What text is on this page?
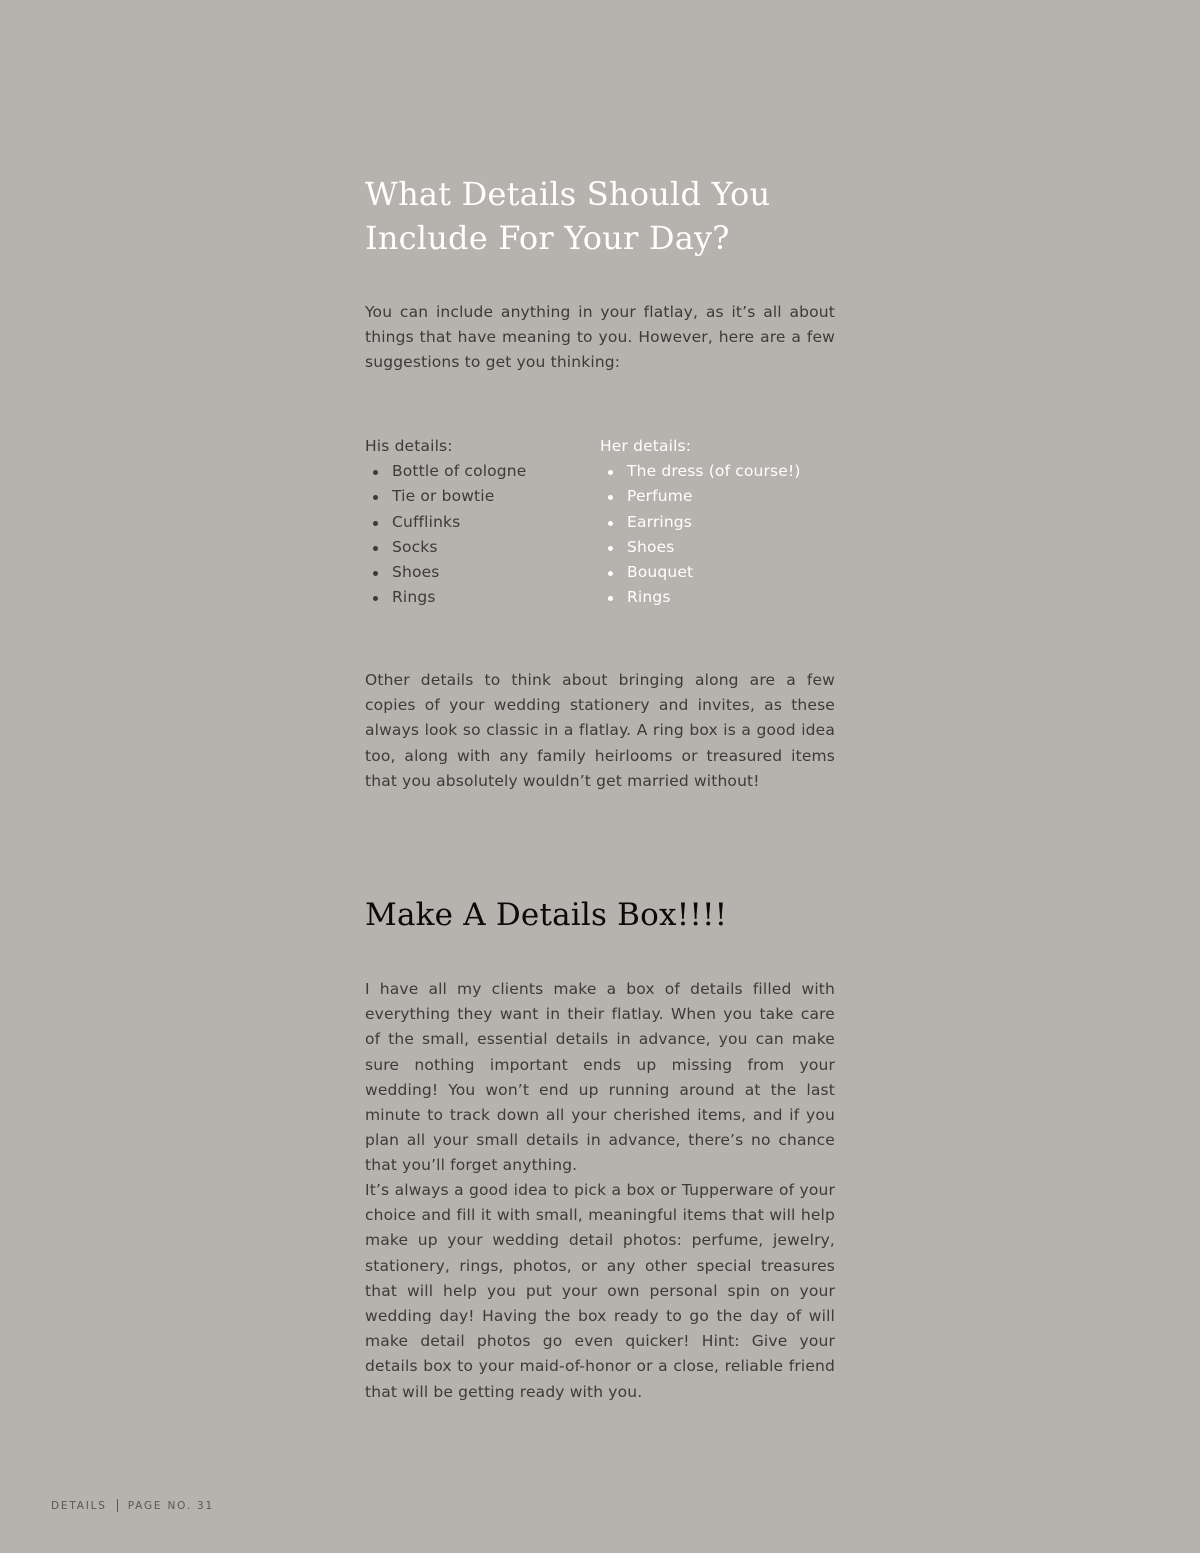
What Details Should You
Include For Your Day?

You can include anything in your flatlay, as it’s all about things that have meaning to you. However, here are a few suggestions to get you thinking:

His details:
Bottle of cologne
Tie or bowtie
Cufflinks
Socks
Shoes
Rings
Her details:
The dress (of course!)
Perfume
Earrings
Shoes
Bouquet
Rings

Other details to think about bringing along are a few copies of your wedding stationery and invites, as these always look so classic in a flatlay. A ring box is a good idea too, along with any family heirlooms or treasured items that you absolutely wouldn’t get married without!

Make A Details Box!!!!

I have all my clients make a box of details filled with everything they want in their flatlay. When you take care of the small, essential details in advance, you can make sure nothing important ends up missing from your wedding! You won’t end up running around at the last minute to track down all your cherished items, and if you plan all your small details in advance, there’s no chance that you’ll forget anything.

It’s always a good idea to pick a box or Tupperware of your choice and fill it with small, meaningful items that will help make up your wedding detail photos: perfume, jewelry, stationery, rings, photos, or any other special treasures that will help you put your own personal spin on your wedding day! Having the box ready to go the day of will make detail photos go even quicker! Hint: Give your details box to your maid-of-honor or a close, reliable friend that will be getting ready with you.

DETAILS PAGE NO. 31
